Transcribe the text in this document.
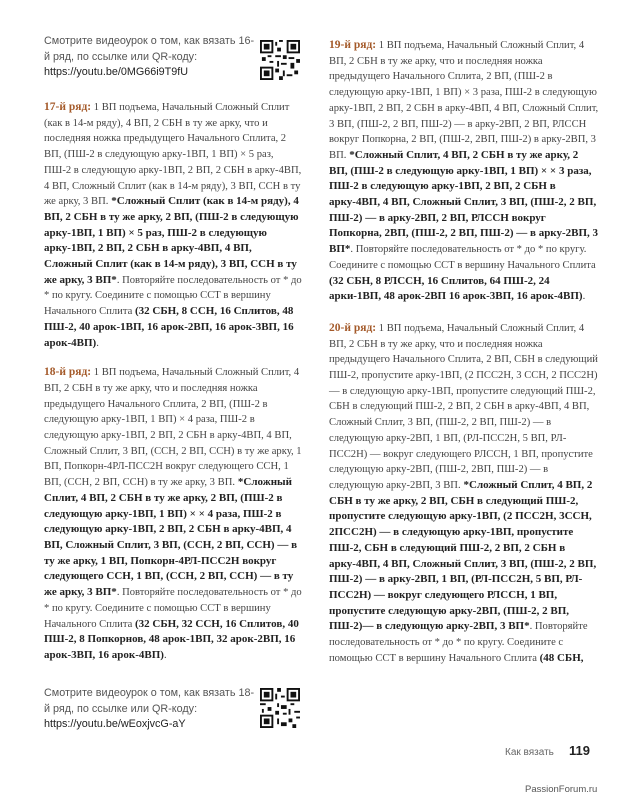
Смотрите видеоурок о том, как вязать 16-й ряд, по ссылке или QR-коду:
https://youtu.be/0MG66i9T9fU
17-й ряд: 1 ВП подъема, Начальный Сложный Сплит (как в 14-м ряду), 4 ВП, 2 СБН в ту же арку, что и последняя ножка предыдущего Начального Сплита, 2 ВП, (ПШ-2 в следующую арку-1ВП, 1 ВП) × 5 раз, ПШ-2 в следующую арку-1ВП, 2 ВП, 2 СБН в арку-4ВП, 4 ВП, Сложный Сплит (как в 14-м ряду), 3 ВП, ССН в ту же арку, 3 ВП. *Сложный Сплит (как в 14-м ряду), 4 ВП, 2 СБН в ту же арку, 2 ВП, (ПШ-2 в следующую арку-1ВП, 1 ВП) × 5 раз, ПШ-2 в следующую арку-1ВП, 2 ВП, 2 СБН в арку-4ВП, 4 ВП, Сложный Сплит (как в 14-м ряду), 3 ВП, ССН в ту же арку, 3 ВП*. Повторяйте последовательность от * до * по кругу. Соедините с помощью ССТ в вершину Начального Сплита (32 СБН, 8 ССН, 16 Сплитов, 48 ПШ-2, 40 арок-1ВП, 16 арок-2ВП, 16 арок-3ВП, 16 арок-4ВП).
18-й ряд: 1 ВП подъема, Начальный Сложный Сплит, 4 ВП, 2 СБН в ту же арку, что и последняя ножка предыдущего Начального Сплита, 2 ВП, (ПШ-2 в следующую арку-1ВП, 1 ВП) × 4 раза, ПШ-2 в следующую арку-1ВП, 2 ВП, 2 СБН в арку-4ВП, 4 ВП, Сложный Сплит, 3 ВП, (ССН, 2 ВП, ССН) в ту же арку, 1 ВП, Попкорн-4РЛ-ПСС2Н вокруг следующего ССН, 1 ВП, (ССН, 2 ВП, ССН) в ту же арку, 3 ВП. *Сложный Сплит, 4 ВП, 2 СБН в ту же арку, 2 ВП, (ПШ-2 в следующую арку-1ВП, 1 ВП) × × 4 раза, ПШ-2 в следующую арку-1ВП, 2 ВП, 2 СБН в арку-4ВП, 4 ВП, Сложный Сплит, 3 ВП, (ССН, 2 ВП, ССН) — в ту же арку, 1 ВП, Попкорн-4РЛ-ПСС2Н вокруг следующего ССН, 1 ВП, (ССН, 2 ВП, ССН) — в ту же арку, 3 ВП*. Повторяйте последовательность от * до * по кругу. Соедините с помощью ССТ в вершину Начального Сплита (32 СБН, 32 ССН, 16 Сплитов, 40 ПШ-2, 8 Попкорнов, 48 арок-1ВП, 32 арок-2ВП, 16 арок-3ВП, 16 арок-4ВП).
Смотрите видеоурок о том, как вязать 18-й ряд, по ссылке или QR-коду:
https://youtu.be/wEoxjvcG-aY
19-й ряд: 1 ВП подъема, Начальный Сложный Сплит, 4 ВП, 2 СБН в ту же арку, что и последняя ножка предыдущего Начального Сплита, 2 ВП, (ПШ-2 в следующую арку-1ВП, 1 ВП) × 3 раза, ПШ-2 в следующую арку-1ВП, 2 ВП, 2 СБН в арку-4ВП, 4 ВП, Сложный Сплит, 3 ВП, (ПШ-2, 2 ВП, ПШ-2) — в арку-2ВП, 2 ВП, РЛССН вокруг Попкорна, 2 ВП, (ПШ-2, 2ВП, ПШ-2) в арку-2ВП, 3 ВП. *Сложный Сплит, 4 ВП, 2 СБН в ту же арку, 2 ВП, (ПШ-2 в следующую арку-1ВП, 1 ВП) × × 3 раза, ПШ-2 в следующую арку-1ВП, 2 ВП, 2 СБН в арку-4ВП, 4 ВП, Сложный Сплит, 3 ВП, (ПШ-2, 2 ВП, ПШ-2) — в арку-2ВП, 2 ВП, РЛССН вокруг Попкорна, 2ВП, (ПШ-2, 2 ВП, ПШ-2) — в арку-2ВП, 3 ВП*. Повторяйте последовательность от * до * по кругу. Соедините с помощью ССТ в вершину Начального Сплита (32 СБН, 8 РЛССН, 16 Сплитов, 64 ПШ-2, 24 арки-1ВП, 48 арок-2ВП 16 арок-3ВП, 16 арок-4ВП).
20-й ряд: 1 ВП подъема, Начальный Сложный Сплит, 4 ВП, 2 СБН в ту же арку, что и последняя ножка предыдущего Начального Сплита, 2 ВП, СБН в следующий ПШ-2, пропустите арку-1ВП, (2 ПСС2Н, 3 ССН, 2 ПСС2Н) — в следующую арку-1ВП, пропустите следующий ПШ-2, СБН в следующий ПШ-2, 2 ВП, 2 СБН в арку-4ВП, 4 ВП, Сложный Сплит, 3 ВП, (ПШ-2, 2 ВП, ПШ-2) — в следующую арку-2ВП, 1 ВП, (РЛ-ПСС2Н, 5 ВП, РЛ-ПСС2Н) — вокруг следующего РЛССН, 1 ВП, пропустите следующую арку-2ВП, (ПШ-2, 2ВП, ПШ-2) — в следующую арку-2ВП, 3 ВП. *Сложный Сплит, 4 ВП, 2 СБН в ту же арку, 2 ВП, СБН в следующий ПШ-2, пропустите следующую арку-1ВП, (2 ПСС2Н, 3ССН, 2ПСС2Н) — в следующую арку-1ВП, пропустите ПШ-2, СБН в следующий ПШ-2, 2 ВП, 2 СБН в арку-4ВП, 4 ВП, Сложный Сплит, 3 ВП, (ПШ-2, 2 ВП, ПШ-2) — в арку-2ВП, 1 ВП, (РЛ-ПСС2Н, 5 ВП, РЛ-ПСС2Н) — вокруг следующего РЛССН, 1 ВП, пропустите следующую арку-2ВП, (ПШ-2, 2 ВП, ПШ-2)— в следующую арку-2ВП, 3 ВП*. Повторяйте последовательность от * до * по кругу. Соедините с помощью ССТ в вершину Начального Сплита (48 СБН,
Как вязать 119
PassionForum.ru
